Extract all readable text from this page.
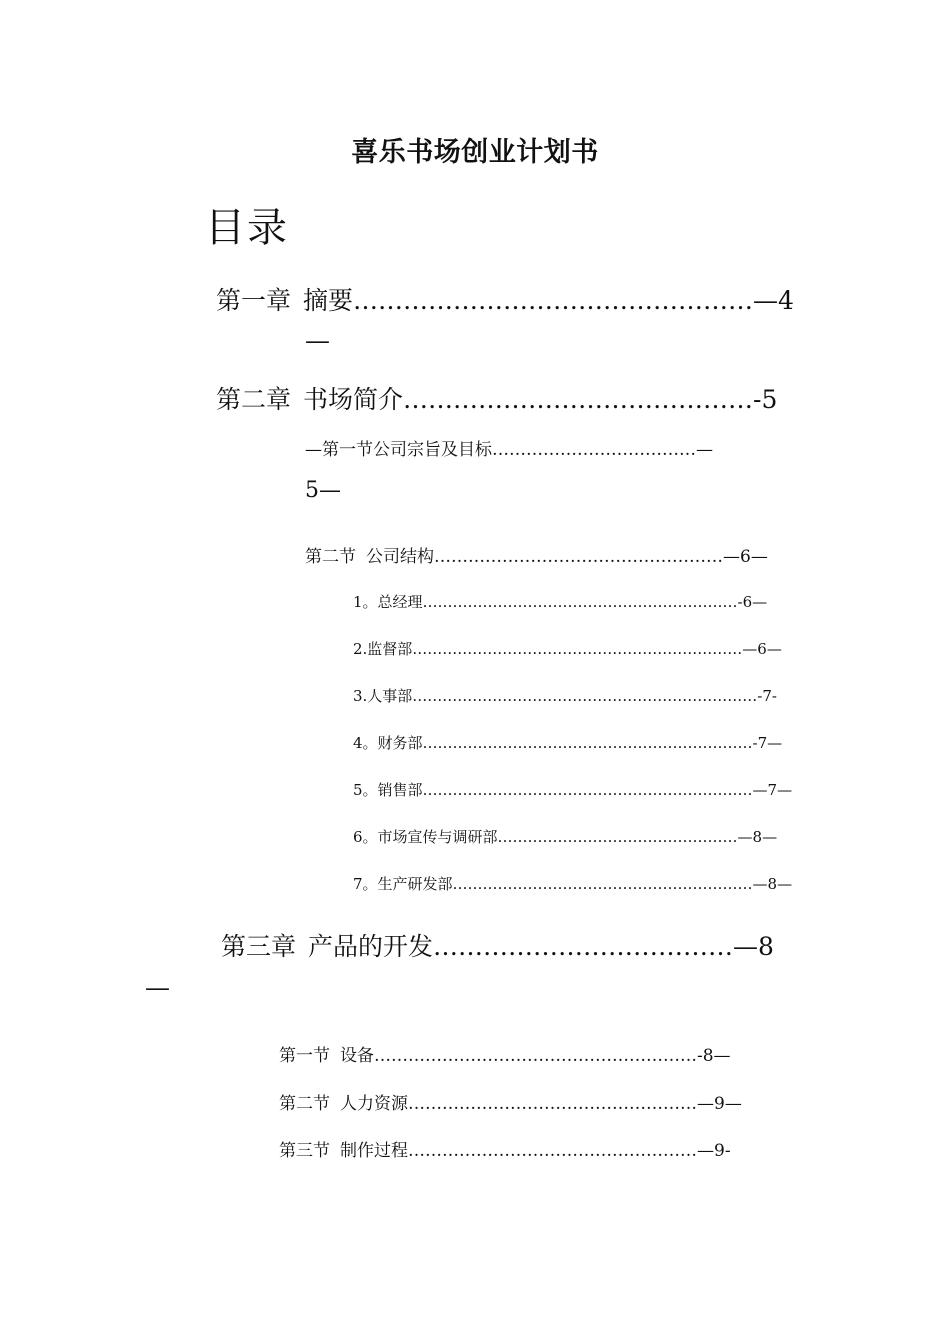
喜乐书场创业计划书
目录
第一章 摘要…………………………………………—4
—
第二章 书场简介……………………………………-5
—第一节公司宗旨及目标………………………………—
5—
第二节 公司结构……………………………………………—6—
1。总经理………………………………………………………-6—
2.监督部…………………………………………………………—6—
3.人事部……………………………………………………………-7-
4。财务部…………………………………………………………-7—
5。销售部…………………………………………………………—7—
6。市场宣传与调研部…………………………………………—8—
7。生产研发部……………………………………………………—8—
第三章 产品的开发………………………………—8
—
第一节 设备…………………………………………………-8—
第二节 人力资源……………………………………………—9—
第三节 制作过程……………………………………………—9-
